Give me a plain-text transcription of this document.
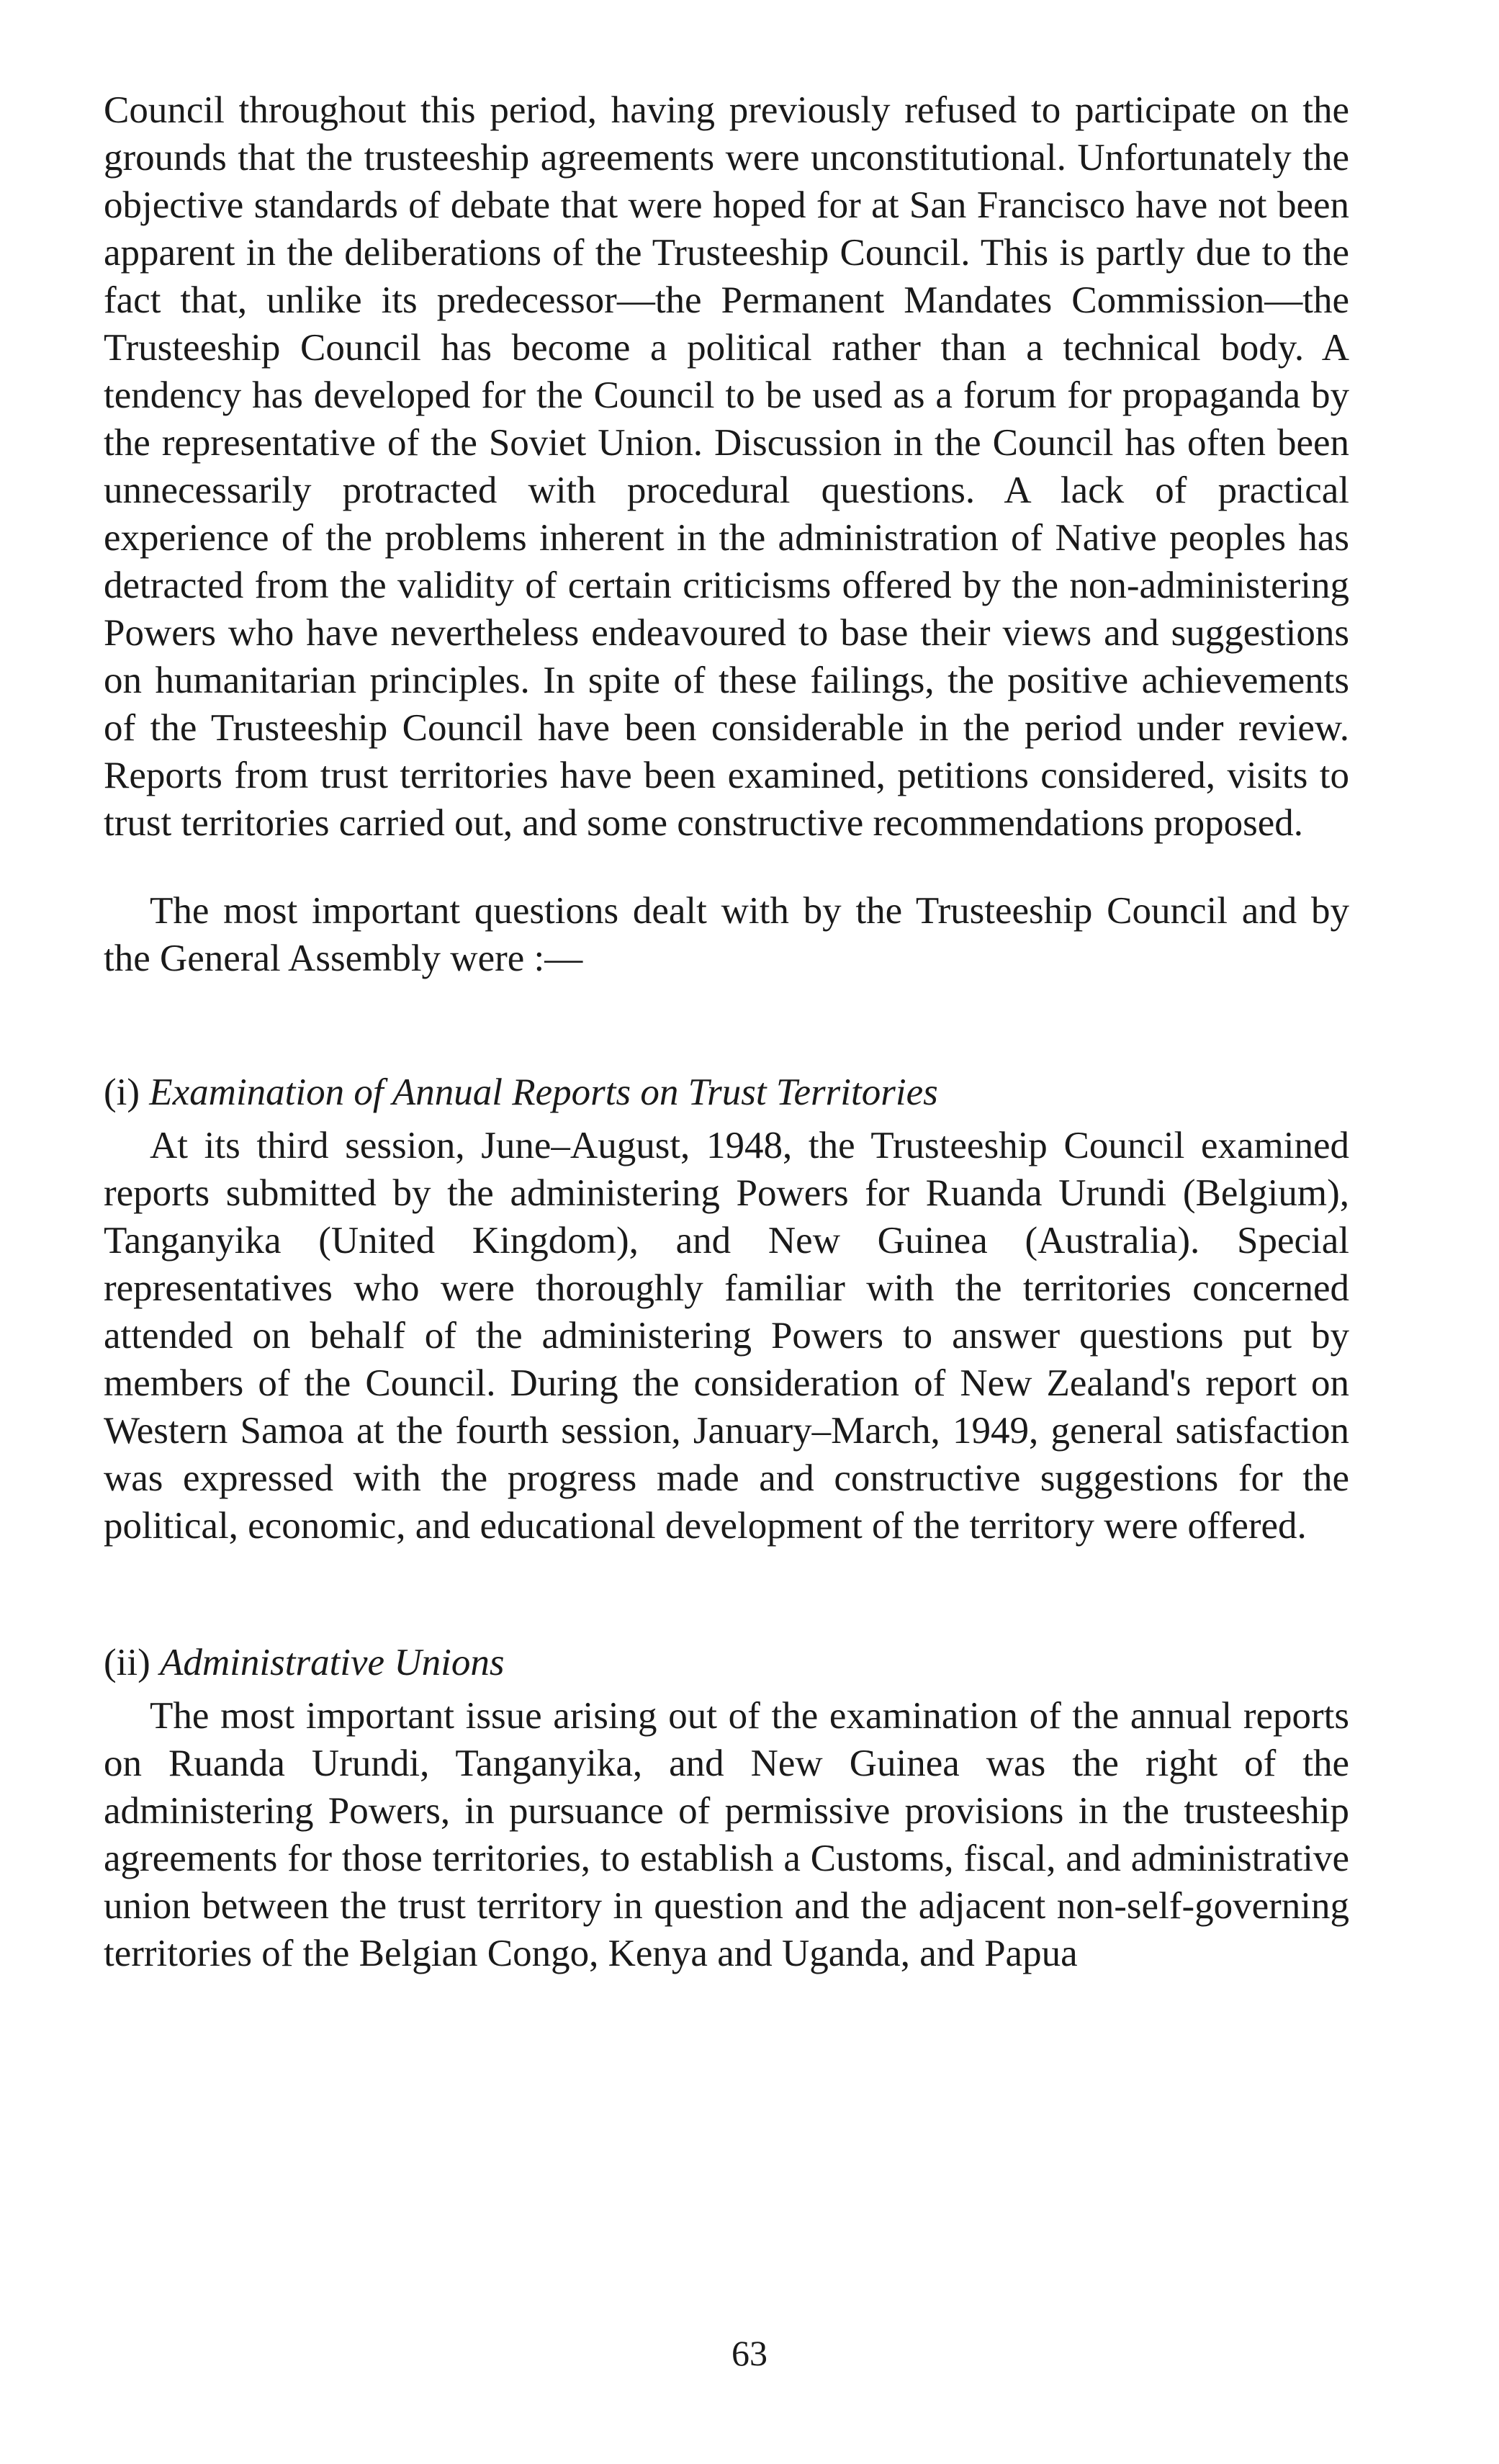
Council throughout this period, having previously refused to participate on the grounds that the trusteeship agreements were unconstitutional. Unfortunately the objective standards of debate that were hoped for at San Francisco have not been apparent in the deliberations of the Trusteeship Council. This is partly due to the fact that, unlike its predecessor—the Permanent Mandates Commission—the Trusteeship Council has become a political rather than a technical body. A tendency has developed for the Council to be used as a forum for propaganda by the representative of the Soviet Union. Discussion in the Council has often been unnecessarily protracted with procedural questions. A lack of practical experience of the problems inherent in the administration of Native peoples has detracted from the validity of certain criticisms offered by the non-administering Powers who have nevertheless endeavoured to base their views and suggestions on humanitarian principles. In spite of these failings, the positive achievements of the Trusteeship Council have been considerable in the period under review. Reports from trust territories have been examined, petitions considered, visits to trust territories carried out, and some constructive recommendations proposed.

The most important questions dealt with by the Trusteeship Council and by the General Assembly were :—

(i) Examination of Annual Reports on Trust Territories

At its third session, June–August, 1948, the Trusteeship Council examined reports submitted by the administering Powers for Ruanda Urundi (Belgium), Tanganyika (United Kingdom), and New Guinea (Australia). Special representatives who were thoroughly familiar with the territories concerned attended on behalf of the administering Powers to answer questions put by members of the Council. During the consideration of New Zealand's report on Western Samoa at the fourth session, January–March, 1949, general satisfaction was expressed with the progress made and constructive suggestions for the political, economic, and educational development of the territory were offered.

(ii) Administrative Unions

The most important issue arising out of the examination of the annual reports on Ruanda Urundi, Tanganyika, and New Guinea was the right of the administering Powers, in pursuance of permissive provisions in the trusteeship agreements for those territories, to establish a Customs, fiscal, and administrative union between the trust territory in question and the adjacent non-self-governing territories of the Belgian Congo, Kenya and Uganda, and Papua

63
